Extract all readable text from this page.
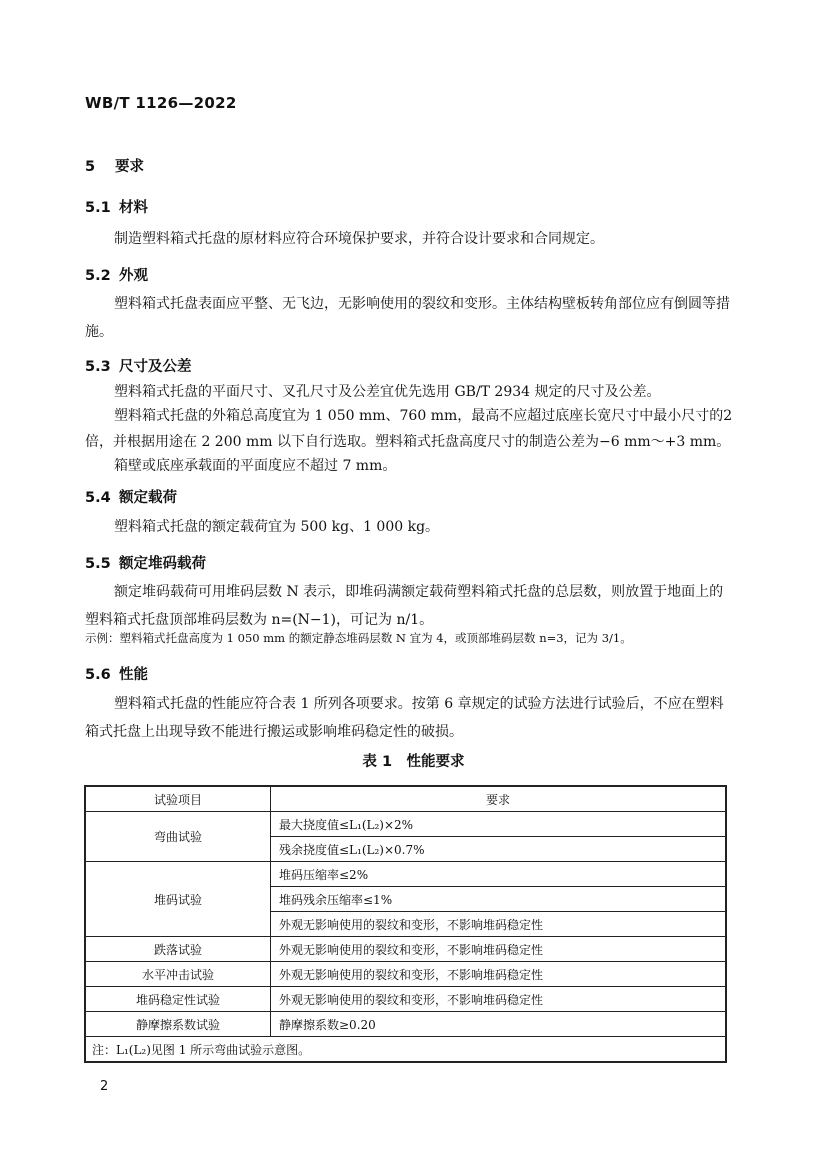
WB/T 1126—2022
5 要求
5.1 材料
制造塑料箱式托盘的原材料应符合环境保护要求，并符合设计要求和合同规定。
5.2 外观
塑料箱式托盘表面应平整、无飞边，无影响使用的裂纹和变形。主体结构壁板转角部位应有倒圆等措施。
5.3 尺寸及公差
塑料箱式托盘的平面尺寸、叉孔尺寸及公差宜优先选用 GB/T 2934 规定的尺寸及公差。
塑料箱式托盘的外箱总高度宜为 1 050 mm、760 mm，最高不应超过底座长宽尺寸中最小尺寸的2倍，并根据用途在 2 200 mm 以下自行选取。塑料箱式托盘高度尺寸的制造公差为−6 mm～+3 mm。
箱壁或底座承载面的平面度应不超过 7 mm。
5.4 额定载荷
塑料箱式托盘的额定载荷宜为 500 kg、1 000 kg。
5.5 额定堆码载荷
额定堆码载荷可用堆码层数 N 表示，即堆码满额定载荷塑料箱式托盘的总层数，则放置于地面上的塑料箱式托盘顶部堆码层数为 n=(N−1)，可记为 n/1。
示例：塑料箱式托盘高度为 1 050 mm 的额定静态堆码层数 N 宜为 4，或顶部堆码层数 n=3，记为 3/1。
5.6 性能
塑料箱式托盘的性能应符合表 1 所列各项要求。按第 6 章规定的试验方法进行试验后，不应在塑料箱式托盘上出现导致不能进行搬运或影响堆码稳定性的破损。
表 1　性能要求
试验项目	要求
弯曲试验	最大挠度值≤L₁(L₂)×2%
	残余挠度值≤L₁(L₂)×0.7%
堆码试验	堆码压缩率≤2%
	堆码残余压缩率≤1%
	外观无影响使用的裂纹和变形，不影响堆码稳定性
跌落试验	外观无影响使用的裂纹和变形，不影响堆码稳定性
水平冲击试验	外观无影响使用的裂纹和变形，不影响堆码稳定性
堆码稳定性试验	外观无影响使用的裂纹和变形，不影响堆码稳定性
静摩擦系数试验	静摩擦系数≥0.20
注：L₁(L₂)见图 1 所示弯曲试验示意图。	
2
